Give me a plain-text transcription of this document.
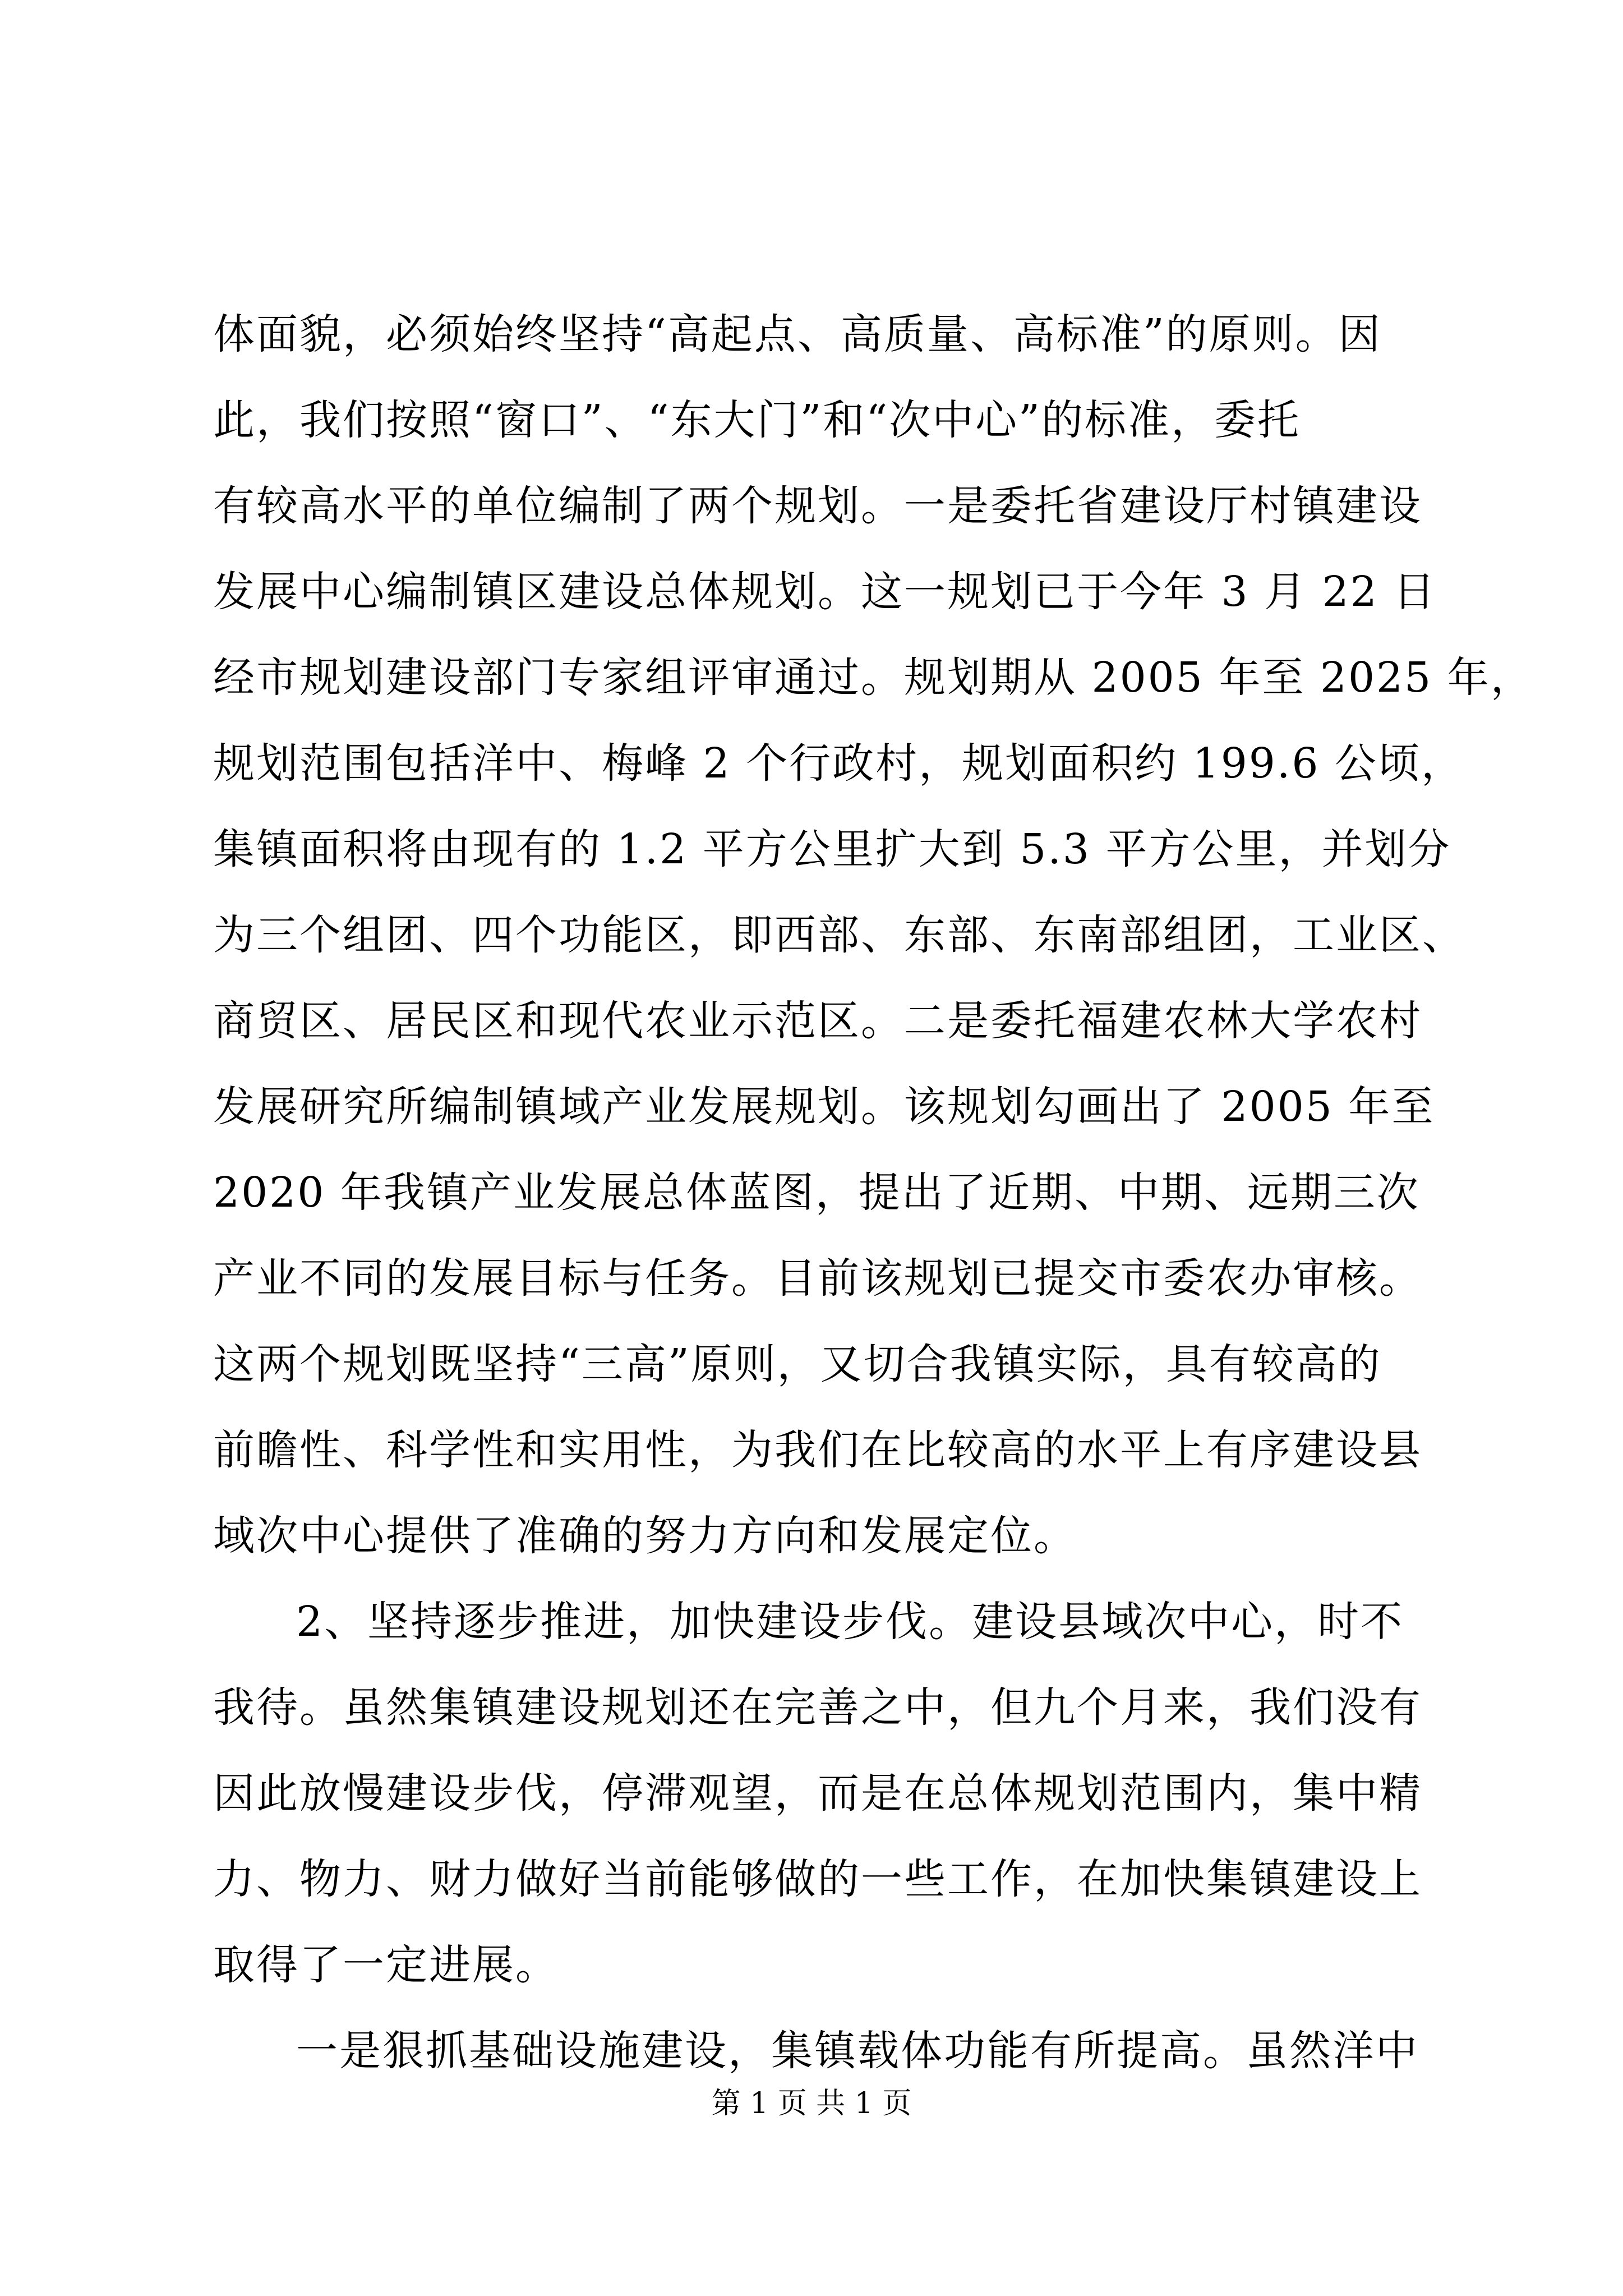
体面貌，必须始终坚持“高起点、高质量、高标准”的原则。因
此，我们按照“窗口”、“东大门”和“次中心”的标准，委托
有较高水平的单位编制了两个规划。一是委托省建设厅村镇建设
发展中心编制镇区建设总体规划。这一规划已于今年 3 月 22 日
经市规划建设部门专家组评审通过。规划期从 2005 年至 2025 年，
规划范围包括洋中、梅峰 2 个行政村，规划面积约 199.6 公顷，
集镇面积将由现有的 1.2 平方公里扩大到 5.3 平方公里，并划分
为三个组团、四个功能区，即西部、东部、东南部组团，工业区、
商贸区、居民区和现代农业示范区。二是委托福建农林大学农村
发展研究所编制镇域产业发展规划。该规划勾画出了 2005 年至
2020 年我镇产业发展总体蓝图，提出了近期、中期、远期三次
产业不同的发展目标与任务。目前该规划已提交市委农办审核。
这两个规划既坚持“三高”原则，又切合我镇实际，具有较高的
前瞻性、科学性和实用性，为我们在比较高的水平上有序建设县
域次中心提供了准确的努力方向和发展定位。
2、坚持逐步推进，加快建设步伐。建设县域次中心，时不
我待。虽然集镇建设规划还在完善之中，但九个月来，我们没有
因此放慢建设步伐，停滞观望，而是在总体规划范围内，集中精
力、物力、财力做好当前能够做的一些工作，在加快集镇建设上
取得了一定进展。
一是狠抓基础设施建设，集镇载体功能有所提高。虽然洋中
第 1 页 共 1 页
